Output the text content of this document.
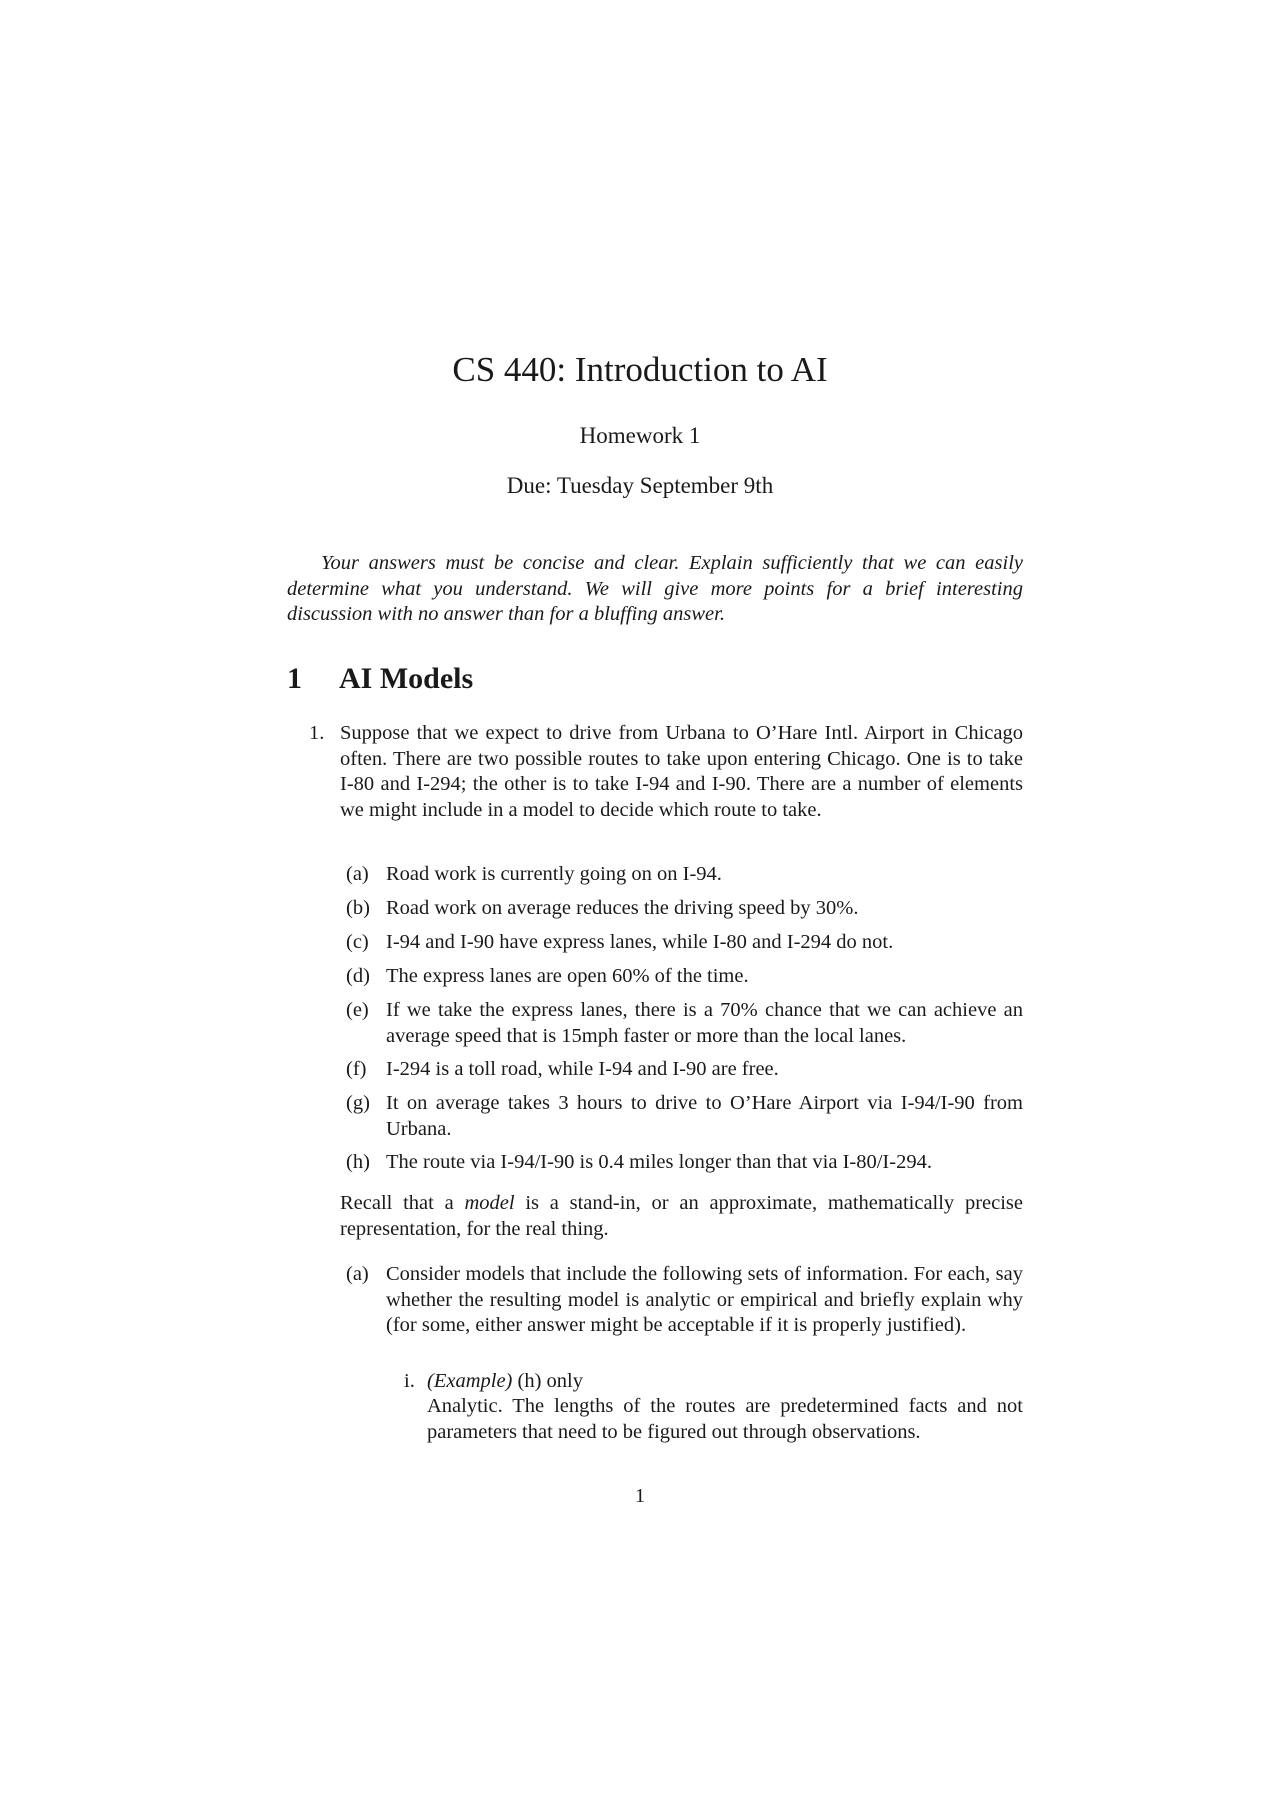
CS 440: Introduction to AI
Homework 1
Due: Tuesday September 9th
Your answers must be concise and clear. Explain sufficiently that we can easily determine what you understand. We will give more points for a brief interesting discussion with no answer than for a bluffing answer.
1 AI Models
1. Suppose that we expect to drive from Urbana to O’Hare Intl. Airport in Chicago often. There are two possible routes to take upon entering Chicago. One is to take I-80 and I-294; the other is to take I-94 and I-90. There are a number of elements we might include in a model to decide which route to take.
(a) Road work is currently going on on I-94.
(b) Road work on average reduces the driving speed by 30%.
(c) I-94 and I-90 have express lanes, while I-80 and I-294 do not.
(d) The express lanes are open 60% of the time.
(e) If we take the express lanes, there is a 70% chance that we can achieve an average speed that is 15mph faster or more than the local lanes.
(f) I-294 is a toll road, while I-94 and I-90 are free.
(g) It on average takes 3 hours to drive to O’Hare Airport via I-94/I-90 from Urbana.
(h) The route via I-94/I-90 is 0.4 miles longer than that via I-80/I-294.
Recall that a model is a stand-in, or an approximate, mathematically precise representation, for the real thing.
(a) Consider models that include the following sets of information. For each, say whether the resulting model is analytic or empirical and briefly explain why (for some, either answer might be acceptable if it is properly justified).
i. (Example) (h) only
Analytic. The lengths of the routes are predetermined facts and not parameters that need to be figured out through observations.
1
